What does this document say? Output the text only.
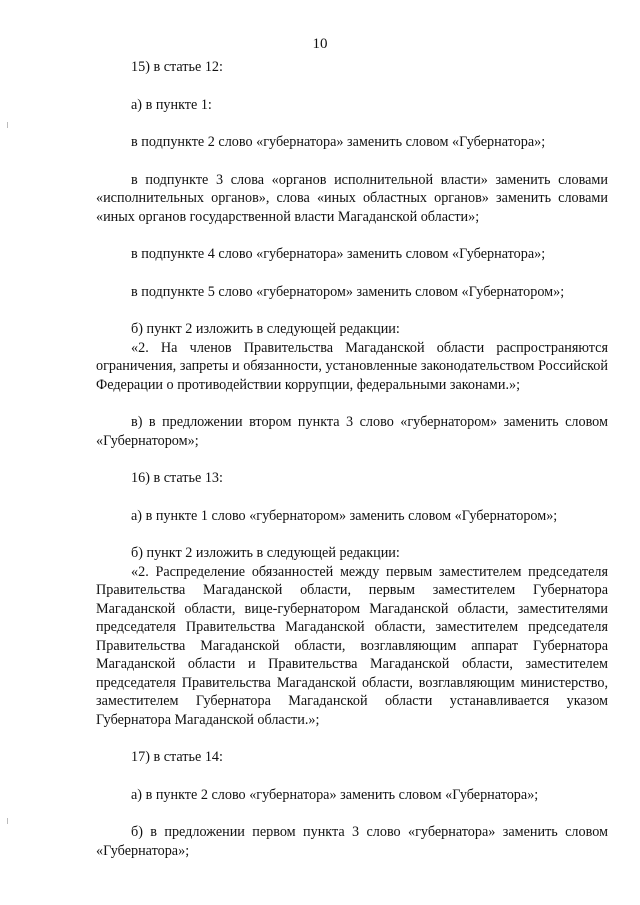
10

15) в статье 12:

а) в пункте 1:

в подпункте 2 слово «губернатора» заменить словом «Губернатора»;

в подпункте 3 слова «органов исполнительной власти» заменить словами «исполнительных органов», слова «иных областных органов» заменить словами «иных органов государственной власти Магаданской области»;

в подпункте 4 слово «губернатора» заменить словом «Губернатора»;

в подпункте 5 слово «губернатором» заменить словом «Губернатором»;

б) пункт 2 изложить в следующей редакции:

«2. На членов Правительства Магаданской области распространяются ограничения, запреты и обязанности, установленные законодательством Российской Федерации о противодействии коррупции, федеральными законами.»;

в) в предложении втором пункта 3 слово «губернатором» заменить словом «Губернатором»;

16) в статье 13:

а) в пункте 1 слово «губернатором» заменить словом «Губернатором»;

б) пункт 2 изложить в следующей редакции:

«2. Распределение обязанностей между первым заместителем председателя Правительства Магаданской области, первым заместителем Губернатора Магаданской области, вице-губернатором Магаданской области, заместителями председателя Правительства Магаданской области, заместителем председателя Правительства Магаданской области, возглавляющим аппарат Губернатора Магаданской области и Правительства Магаданской области, заместителем председателя Правительства Магаданской области, возглавляющим министерство, заместителем Губернатора Магаданской области устанавливается указом Губернатора Магаданской области.»;

17) в статье 14:

а) в пункте 2 слово «губернатора» заменить словом «Губернатора»;

б) в предложении первом пункта 3 слово «губернатора» заменить словом «Губернатора»;
